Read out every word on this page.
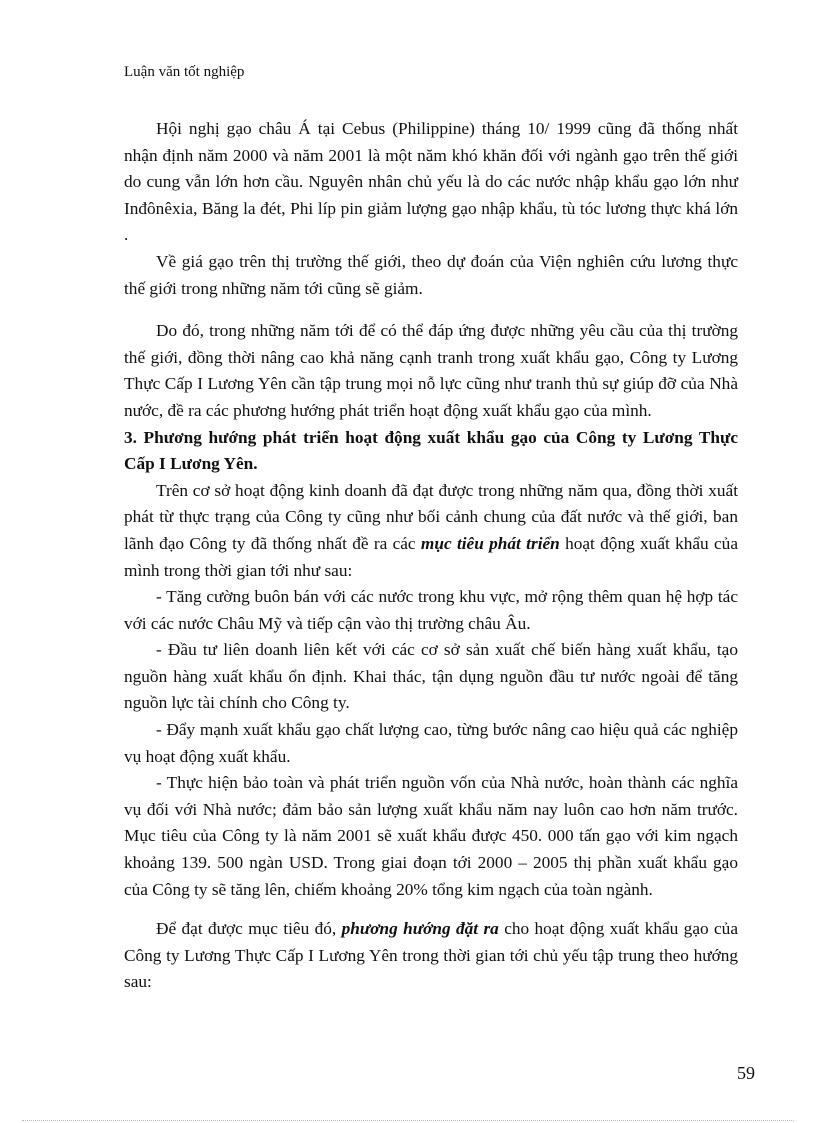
Luận văn tốt nghiệp

Hội nghị gạo châu Á tại Cebus (Philippine) tháng 10/ 1999 cũng đã thống nhất nhận định năm 2000 và năm 2001 là một năm khó khăn đối với ngành gạo trên thế giới do cung vẫn lớn hơn cầu. Nguyên nhân chủ yếu là do các nước nhập khẩu gạo lớn như Inđônêxia, Băng la đét, Phi líp pin giảm lượng gạo nhập khẩu, tù tóc lương thực khá lớn .

Về giá gạo trên thị trường thế giới, theo dự đoán của Viện nghiên cứu lương thực thế giới trong những năm tới cũng sẽ giảm.

Do đó, trong những năm tới để có thể đáp ứng được những yêu cầu của thị trường thế giới, đồng thời nâng cao khả năng cạnh tranh trong xuất khẩu gạo, Công ty Lương Thực Cấp I Lương Yên cần tập trung mọi nỗ lực cũng như tranh thủ sự giúp đỡ của Nhà nước, đề ra các phương hướng phát triển hoạt động xuất khẩu gạo của mình.

3. Phương hướng phát triển hoạt động xuất khẩu gạo của Công ty Lương Thực Cấp I Lương Yên.

Trên cơ sở hoạt động kinh doanh đã đạt được trong những năm qua, đồng thời xuất phát từ thực trạng của Công ty cũng như bối cảnh chung của đất nước và thế giới, ban lãnh đạo Công ty đã thống nhất đề ra các mục tiêu phát triển hoạt động xuất khẩu của mình trong thời gian tới như sau:

- Tăng cường buôn bán với các nước trong khu vực, mở rộng thêm quan hệ hợp tác với các nước Châu Mỹ và tiếp cận vào thị trường châu Âu.

- Đầu tư liên doanh liên kết với các cơ sở sản xuất chế biến hàng xuất khẩu, tạo nguồn hàng xuất khẩu ổn định. Khai thác, tận dụng nguồn đầu tư nước ngoài để tăng nguồn lực tài chính cho Công ty.

- Đẩy mạnh xuất khẩu gạo chất lượng cao, từng bước nâng cao hiệu quả các nghiệp vụ hoạt động xuất khẩu.

- Thực hiện bảo toàn và phát triển nguồn vốn của Nhà nước, hoàn thành các nghĩa vụ đối với Nhà nước; đảm bảo sản lượng xuất khẩu năm nay luôn cao hơn năm trước. Mục tiêu của Công ty là năm 2001 sẽ xuất khẩu được 450. 000 tấn gạo với kim ngạch khoảng 139. 500 ngàn USD. Trong giai đoạn tới 2000 – 2005 thị phần xuất khẩu gạo của Công ty sẽ tăng lên, chiếm khoảng 20% tổng kim ngạch của toàn ngành.

Để đạt được mục tiêu đó, phương hướng đặt ra cho hoạt động xuất khẩu gạo của Công ty Lương Thực Cấp I Lương Yên trong thời gian tới chủ yếu tập trung theo hướng sau:

59
